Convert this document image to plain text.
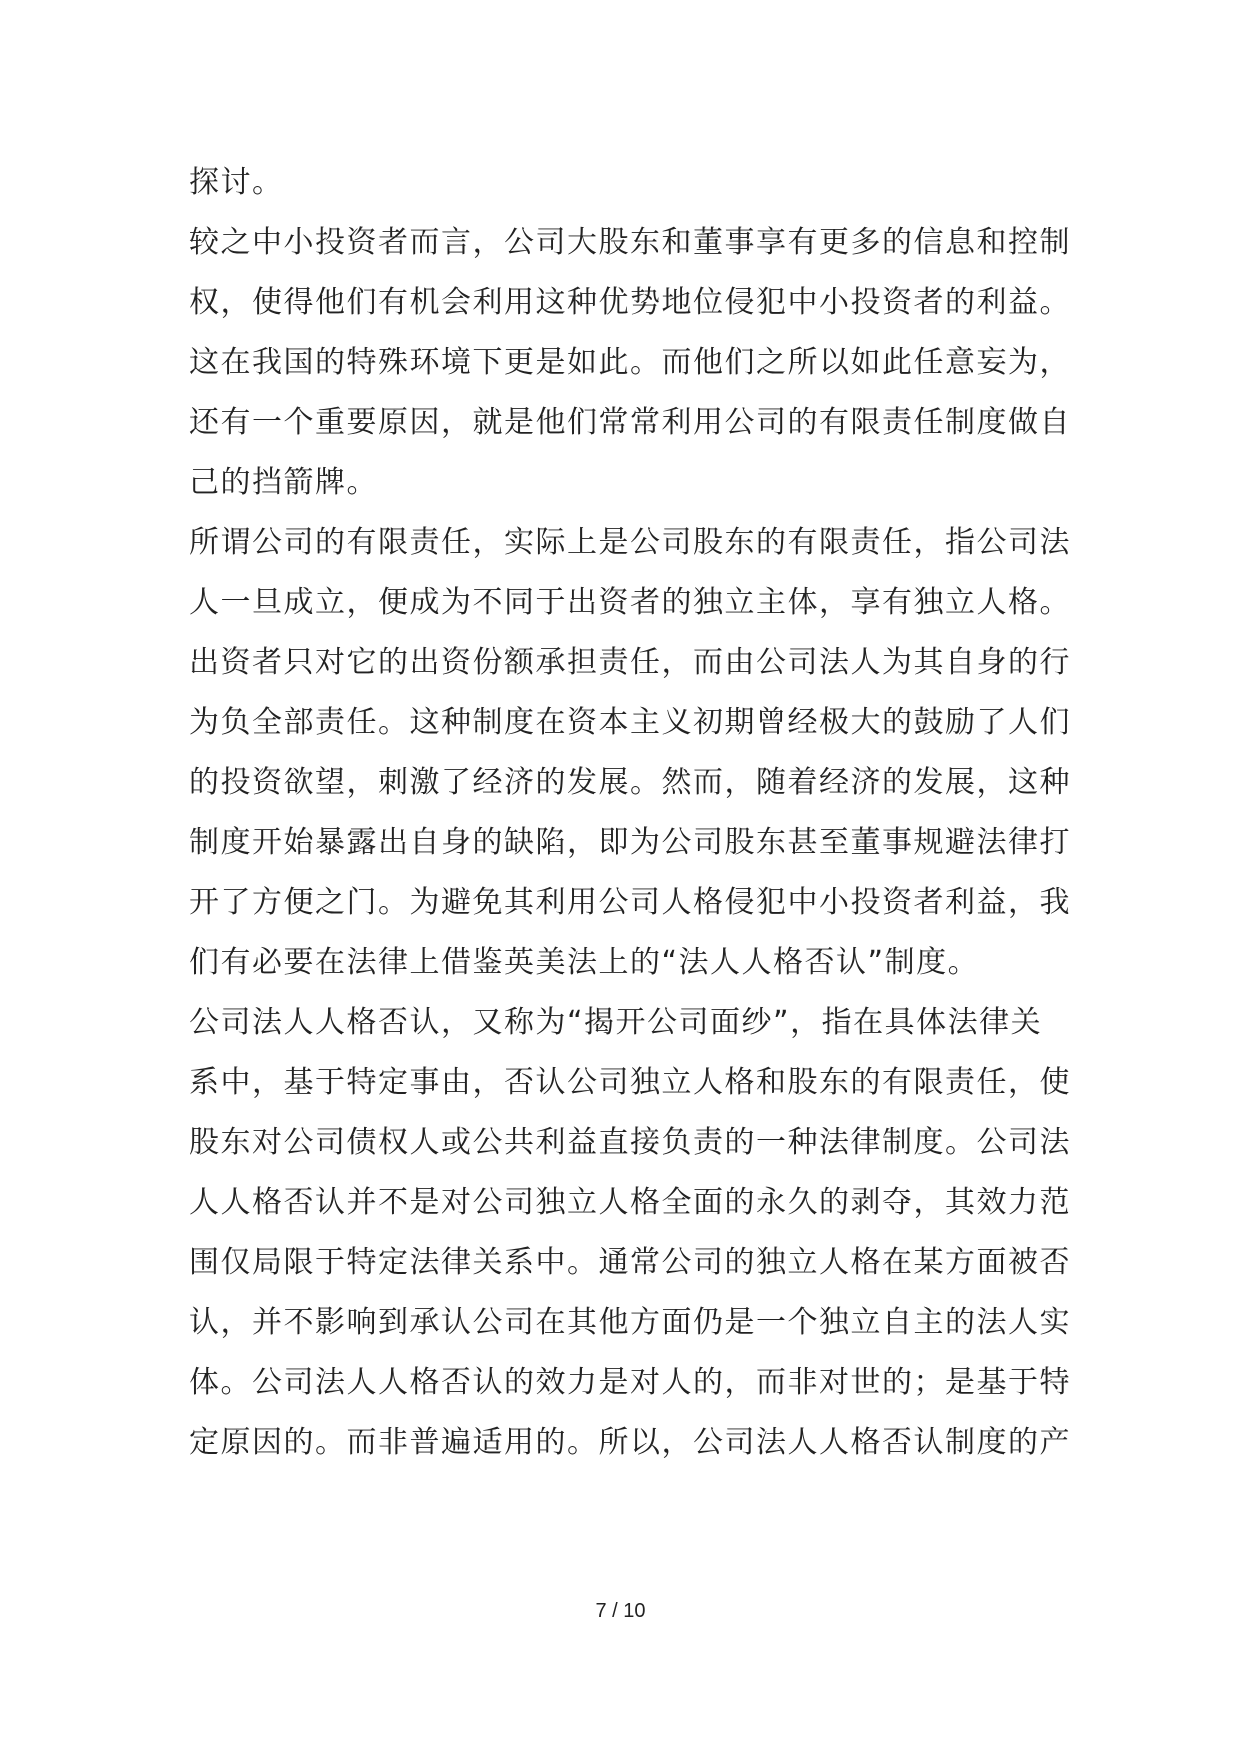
探讨。
较之中小投资者而言，公司大股东和董事享有更多的信息和控制
权，使得他们有机会利用这种优势地位侵犯中小投资者的利益。
这在我国的特殊环境下更是如此。而他们之所以如此任意妄为，
还有一个重要原因，就是他们常常利用公司的有限责任制度做自
己的挡箭牌。
所谓公司的有限责任，实际上是公司股东的有限责任，指公司法
人一旦成立，便成为不同于出资者的独立主体，享有独立人格。
出资者只对它的出资份额承担责任，而由公司法人为其自身的行
为负全部责任。这种制度在资本主义初期曾经极大的鼓励了人们
的投资欲望，刺激了经济的发展。然而，随着经济的发展，这种
制度开始暴露出自身的缺陷，即为公司股东甚至董事规避法律打
开了方便之门。为避免其利用公司人格侵犯中小投资者利益，我
们有必要在法律上借鉴英美法上的“法人人格否认”制度。
公司法人人格否认，又称为“揭开公司面纱”，指在具体法律关
系中，基于特定事由，否认公司独立人格和股东的有限责任，使
股东对公司债权人或公共利益直接负责的一种法律制度。公司法
人人格否认并不是对公司独立人格全面的永久的剥夺，其效力范
围仅局限于特定法律关系中。通常公司的独立人格在某方面被否
认，并不影响到承认公司在其他方面仍是一个独立自主的法人实
体。公司法人人格否认的效力是对人的，而非对世的；是基于特
定原因的。而非普遍适用的。所以，公司法人人格否认制度的产
7 / 10
